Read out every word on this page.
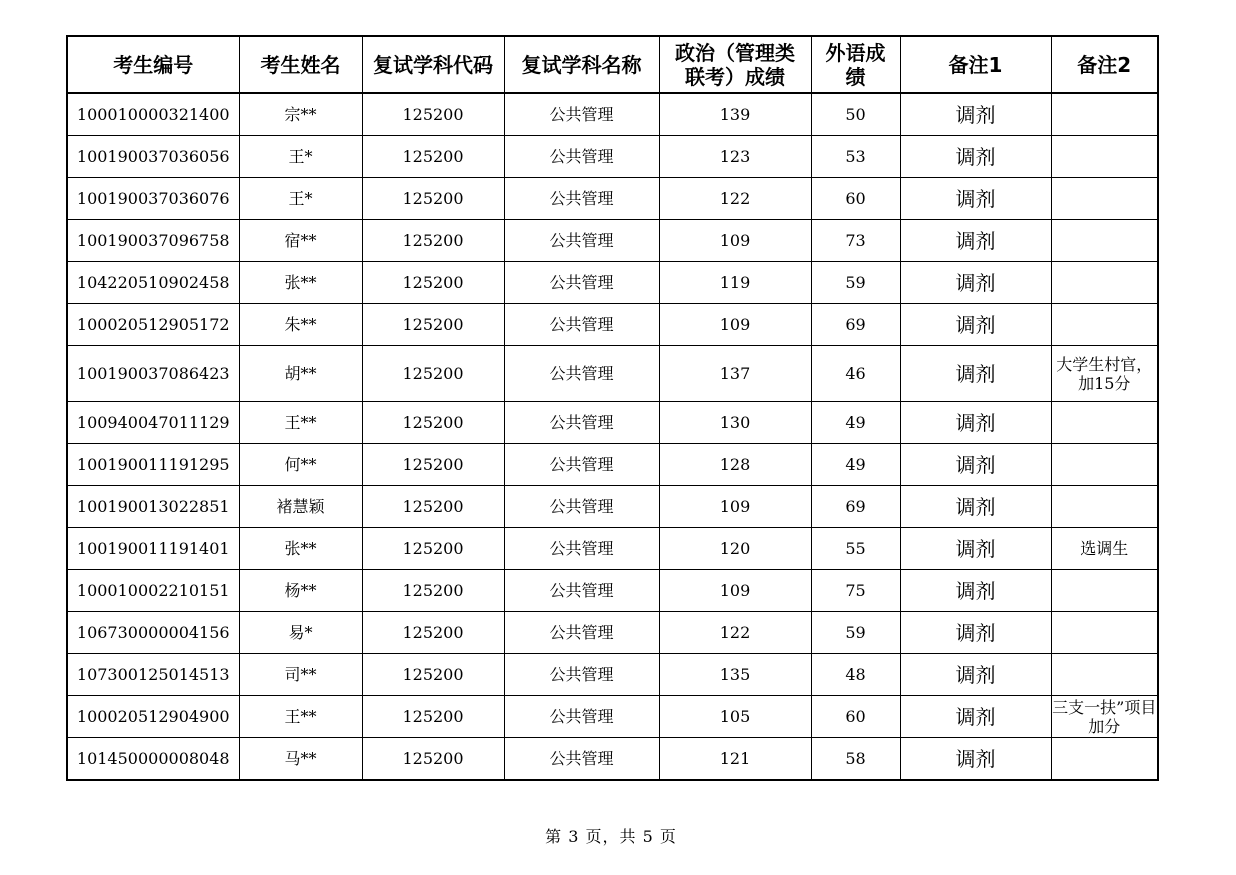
考生编号	考生姓名	复试学科代码	复试学科名称	政治（管理类联考）成绩	外语成绩	备注1	备注2
100010000321400	宗**	125200	公共管理	139	50	调剂	
100190037036056	王*	125200	公共管理	123	53	调剂	
100190037036076	王*	125200	公共管理	122	60	调剂	
100190037096758	宿**	125200	公共管理	109	73	调剂	
104220510902458	张**	125200	公共管理	119	59	调剂	
100020512905172	朱**	125200	公共管理	109	69	调剂	
100190037086423	胡**	125200	公共管理	137	46	调剂	大学生村官，加15分
100940047011129	王**	125200	公共管理	130	49	调剂	
100190011191295	何**	125200	公共管理	128	49	调剂	
100190013022851	褚慧颖	125200	公共管理	109	69	调剂	
100190011191401	张**	125200	公共管理	120	55	调剂	选调生
100010002210151	杨**	125200	公共管理	109	75	调剂	
106730000004156	易*	125200	公共管理	122	59	调剂	
107300125014513	司**	125200	公共管理	135	48	调剂	
100020512904900	王**	125200	公共管理	105	60	调剂	三支一扶”项目加分
101450000008048	马**	125200	公共管理	121	58	调剂	
第 3 页，共 5 页
